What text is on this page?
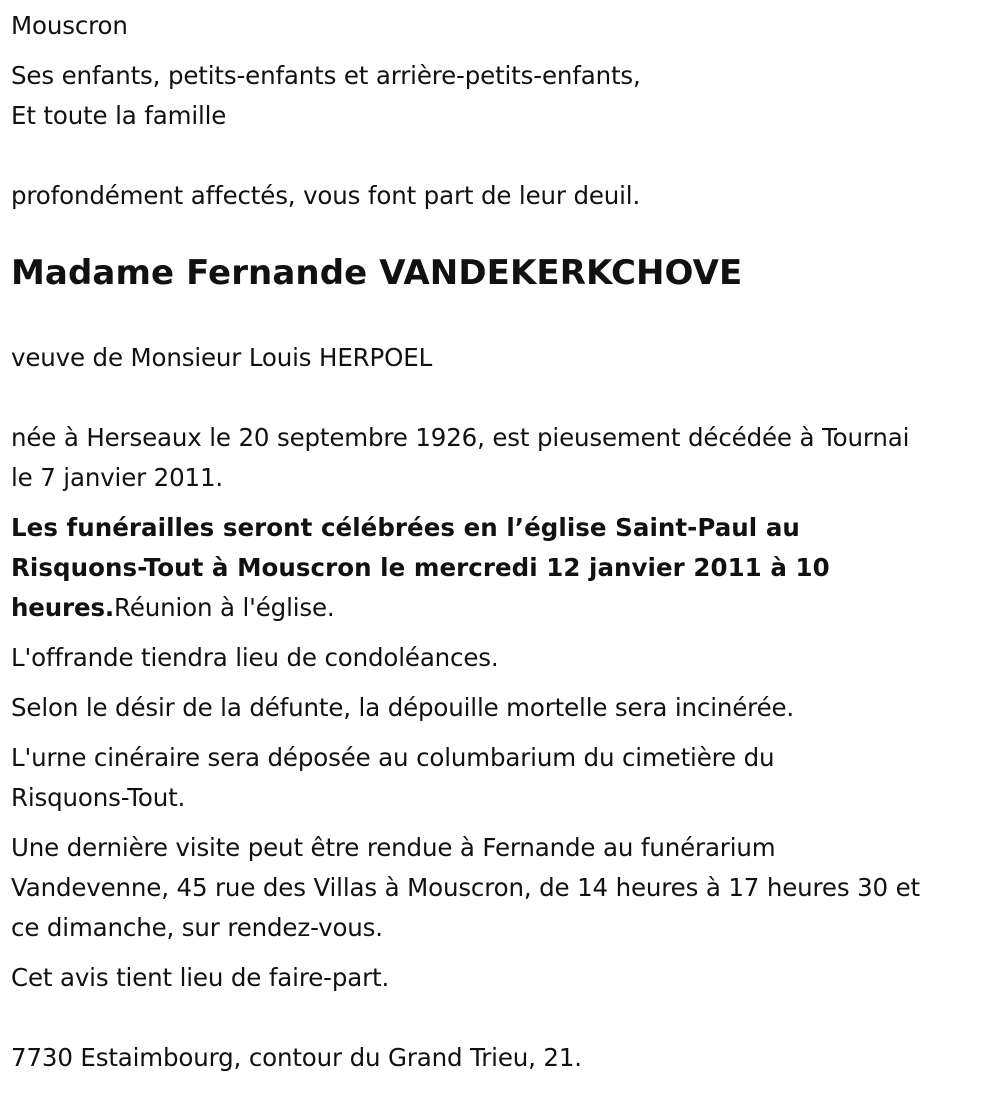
Mouscron
Ses enfants, petits-enfants et arrière-petits-enfants,
Et toute la famille
profondément affectés, vous font part de leur deuil.
Madame Fernande VANDEKERKCHOVE
veuve de Monsieur Louis HERPOEL
née à Herseaux le 20 septembre 1926, est pieusement décédée à Tournai
le 7 janvier 2011.
Les funérailles seront célébrées en l’église Saint-Paul au
Risquons-Tout à Mouscron le mercredi 12 janvier 2011 à 10
heures.Réunion à l'église.
L'offrande tiendra lieu de condoléances.
Selon le désir de la défunte, la dépouille mortelle sera incinérée.
L'urne cinéraire sera déposée au columbarium du cimetière du
Risquons-Tout.
Une dernière visite peut être rendue à Fernande au funérarium
Vandevenne, 45 rue des Villas à Mouscron, de 14 heures à 17 heures 30 et
ce dimanche, sur rendez-vous.
Cet avis tient lieu de faire-part.
7730 Estaimbourg, contour du Grand Trieu, 21.
